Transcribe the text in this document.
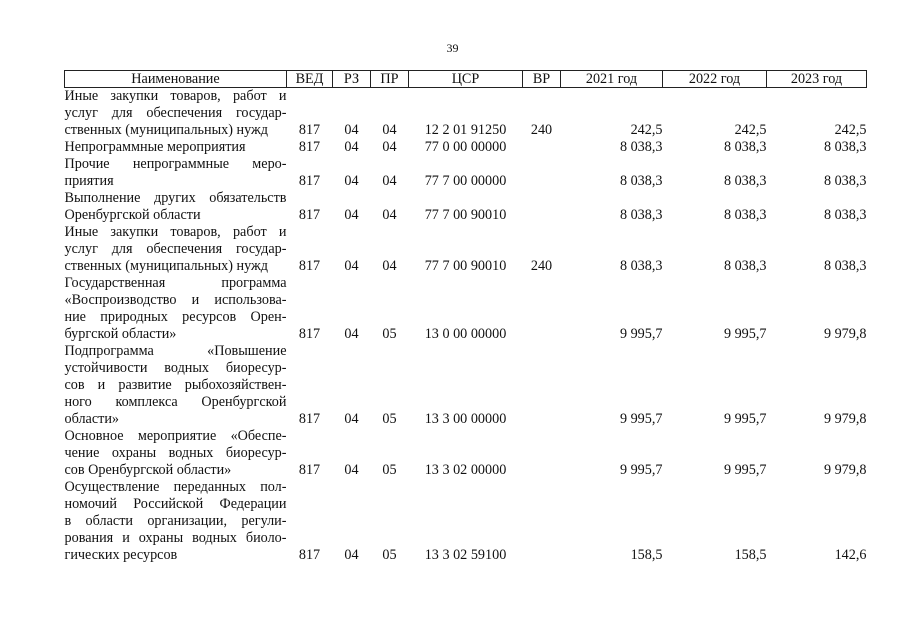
39
Наименование	ВЕД	РЗ	ПР	ЦСР	ВР	2021 год	2022 год	2023 год

Иные закупки товаров, работ и
услуг для обеспечения государ-
ственных (муниципальных) нужд	817	04	04	12 2 01 91250	240	242,5	242,5	242,5

Непрограммные мероприятия	817	04	04	77 0 00 00000		8 038,3	8 038,3	8 038,3

Прочие непрограммные меро-
приятия	817	04	04	77 7 00 00000		8 038,3	8 038,3	8 038,3

Выполнение других обязательств
Оренбургской области	817	04	04	77 7 00 90010		8 038,3	8 038,3	8 038,3

Иные закупки товаров, работ и
услуг для обеспечения государ-
ственных (муниципальных) нужд	817	04	04	77 7 00 90010	240	8 038,3	8 038,3	8 038,3

Государственная программа
«Воспроизводство и использова-
ние природных ресурсов Орен-
бургской области»	817	04	05	13 0 00 00000		9 995,7	9 995,7	9 979,8

Подпрограмма «Повышение
устойчивости водных биоресур-
сов и развитие рыбохозяйствен-
ного комплекса Оренбургской
области»	817	04	05	13 3 00 00000		9 995,7	9 995,7	9 979,8

Основное мероприятие «Обеспе-
чение охраны водных биоресур-
сов Оренбургской области»	817	04	05	13 3 02 00000		9 995,7	9 995,7	9 979,8

Осуществление переданных пол-
номочий Российской Федерации
в области организации, регули-
рования и охраны водных биоло-
гических ресурсов	817	04	05	13 3 02 59100		158,5	158,5	142,6
